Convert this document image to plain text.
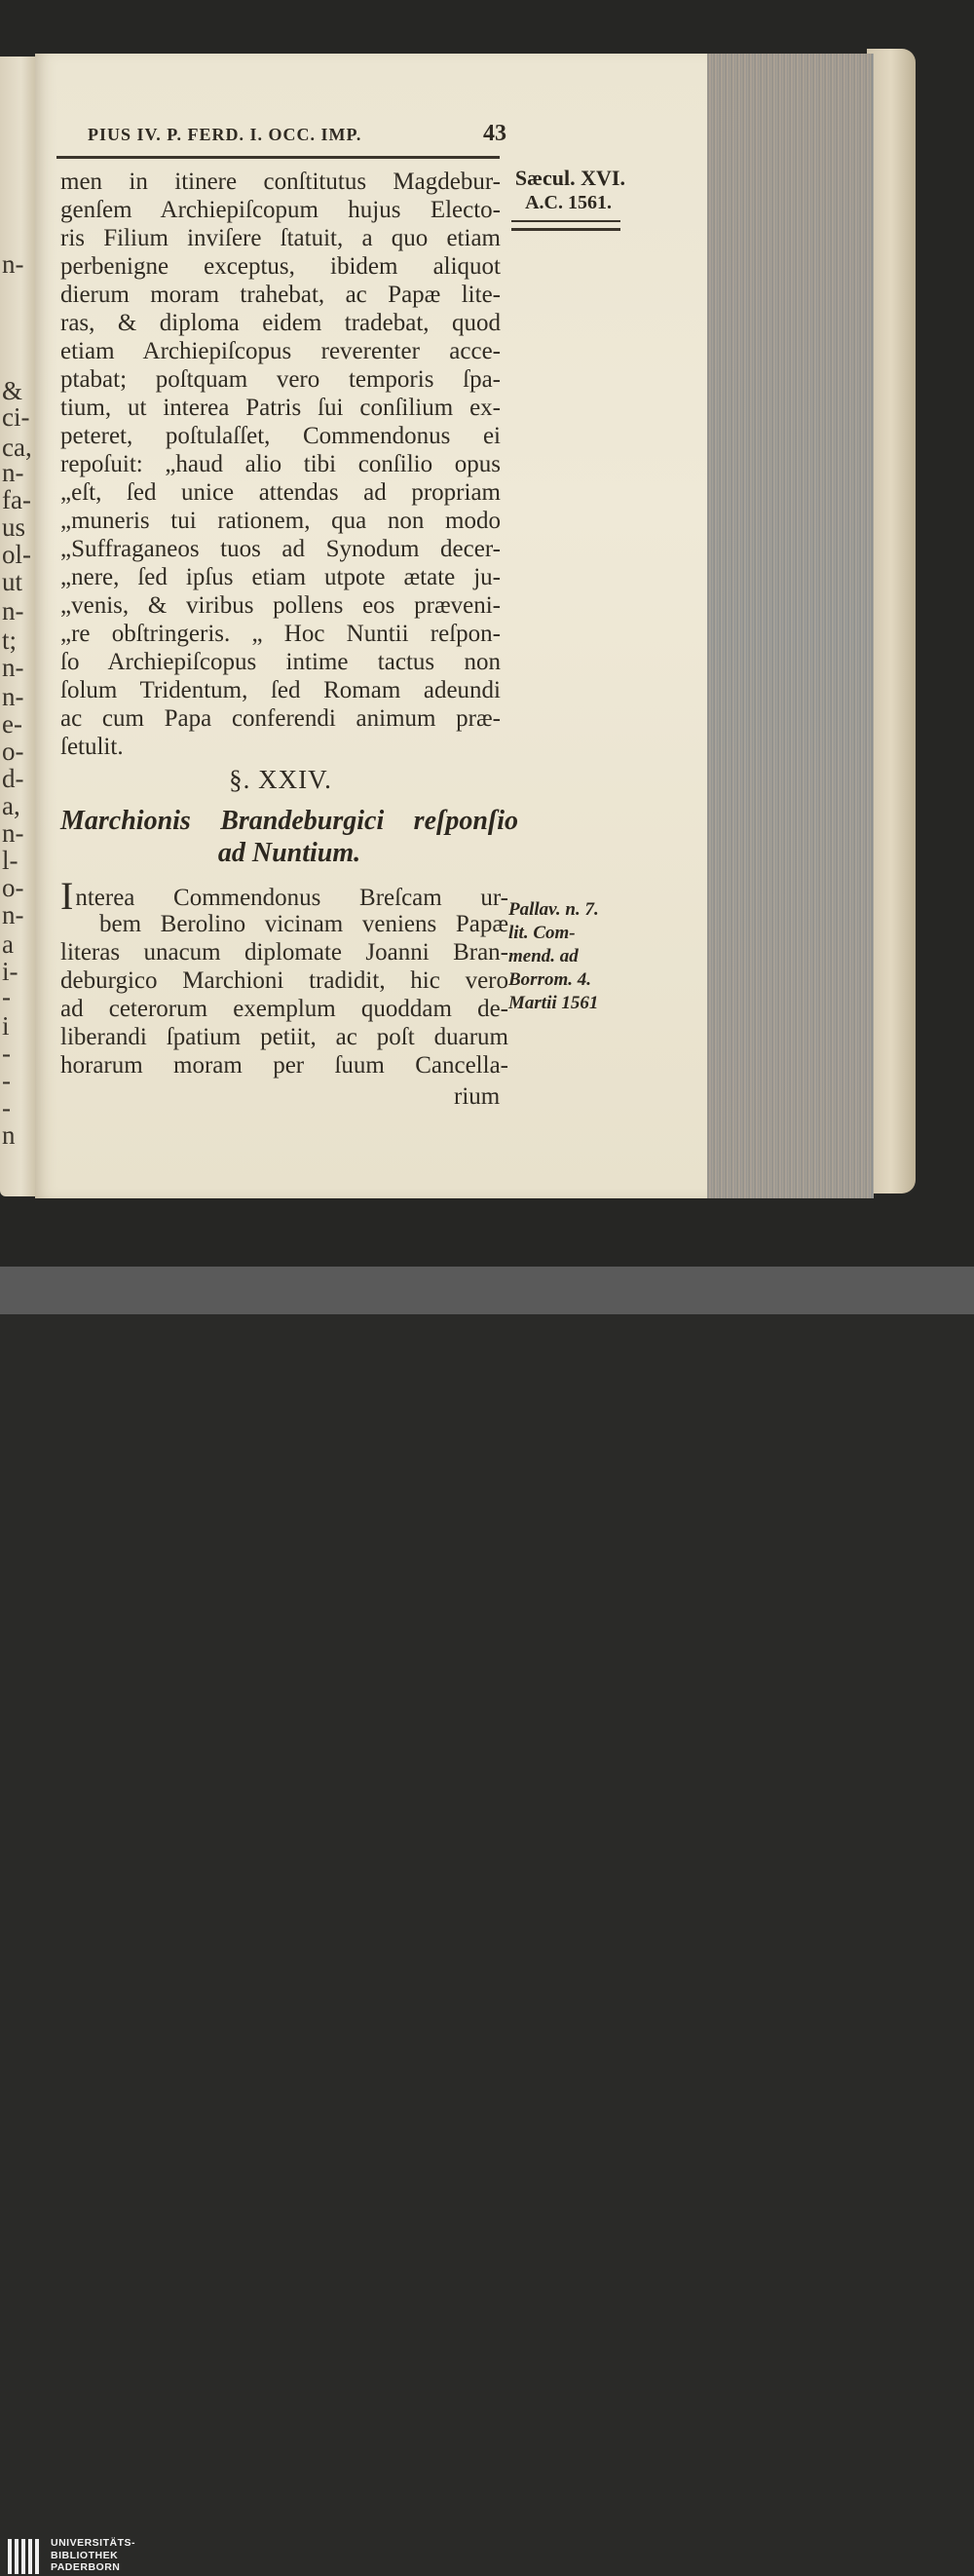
n-
&
ci-
ca,
n-
fa-
us
ol-
ut
n-
t;
n-
n-
e-
o-
d-
a,
n-
l-
o-
n-
a
i-
-
i
-
-
-
n
PIUS IV. P. FERD. I. OCC. IMP.	43
Sæcul. XVI.
A.C. 1561.
men in itinere conſtitutus Magdebur-
genſem Archiepiſcopum hujus Electo-
ris Filium inviſere ſtatuit, a quo etiam
perbenigne exceptus, ibidem aliquot
dierum moram trahebat, ac Papæ lite-
ras, & diploma eidem tradebat, quod
etiam Archiepiſcopus reverenter acce-
ptabat; poſtquam vero temporis ſpa-
tium, ut interea Patris ſui conſilium ex-
peteret, poſtulaſſet, Commendonus ei
repoſuit: „haud alio tibi conſilio opus
„eſt, ſed unice attendas ad propriam
„muneris tui rationem, qua non modo
„Suffraganeos tuos ad Synodum decer-
„nere, ſed ipſus etiam utpote ætate ju-
„venis, & viribus pollens eos præveni-
„re obſtringeris. „ Hoc Nuntii reſpon-
ſo Archiepiſcopus intime tactus non
ſolum Tridentum, ſed Romam adeundi
ac cum Papa conferendi animum præ-
ſetulit.
§. XXIV.
Marchionis Brandeburgici reſponſio
ad Nuntium.
Interea Commendonus Breſcam ur-
bem Berolino vicinam veniens Papæ
literas unacum diplomate Joanni Bran-
deburgico Marchioni tradidit, hic vero
ad ceterorum exemplum quoddam de-
liberandi ſpatium petiit, ac poſt duarum
horarum moram per ſuum Cancella-
rium
Pallav. n. 7.
lit. Com-
mend. ad
Borrom. 4.
Martii 1561
UNIVERSITÄTS-
BIBLIOTHEK
PADERBORN
